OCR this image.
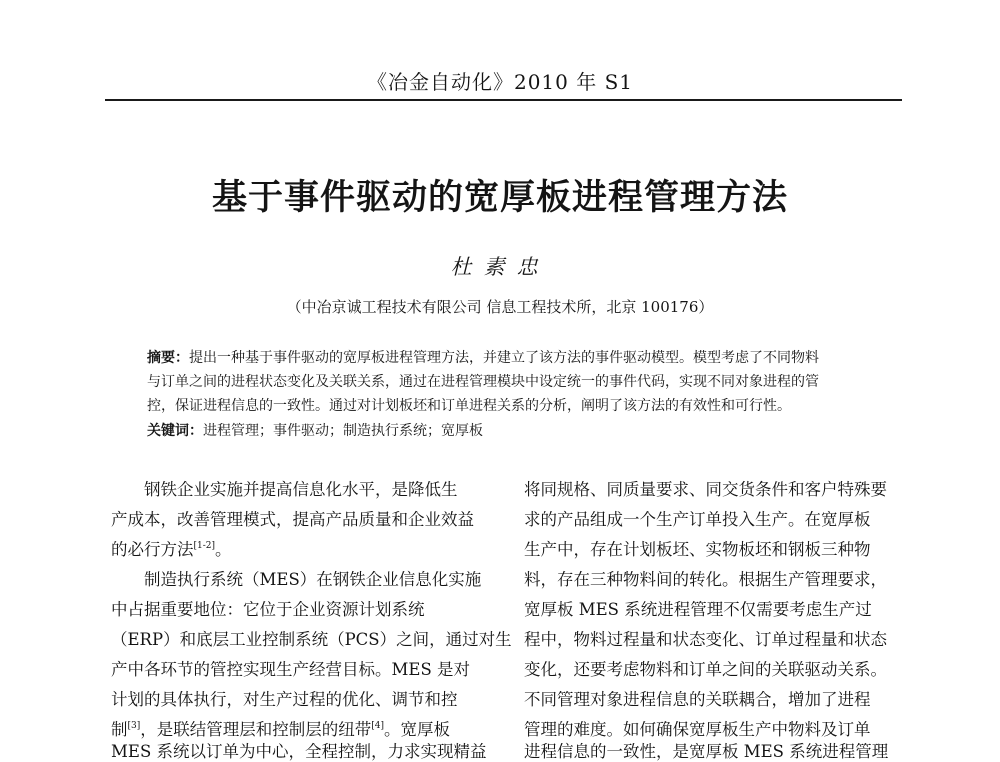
《冶金自动化》2010 年 S1
基于事件驱动的宽厚板进程管理方法
杜素忠
（中冶京诚工程技术有限公司 信息工程技术所，北京 100176）
摘要：提出一种基于事件驱动的宽厚板进程管理方法，并建立了该方法的事件驱动模型。模型考虑了不同物料
与订单之间的进程状态变化及关联关系，通过在进程管理模块中设定统一的事件代码，实现不同对象进程的管
控，保证进程信息的一致性。通过对计划板坯和订单进程关系的分析，阐明了该方法的有效性和可行性。
关键词：进程管理；事件驱动；制造执行系统；宽厚板
　　钢铁企业实施并提高信息化水平，是降低生
产成本，改善管理模式，提高产品质量和企业效益
的必行方法[1-2]。
　　制造执行系统（MES）在钢铁企业信息化实施
中占据重要地位：它位于企业资源计划系统
（ERP）和底层工业控制系统（PCS）之间，通过对生
产中各环节的管控实现生产经营目标。MES 是对
计划的具体执行，对生产过程的优化、调节和控
制[3]，是联结管理层和控制层的纽带[4]。宽厚板
MES 系统以订单为中心，全程控制，力求实现精益
将同规格、同质量要求、同交货条件和客户特殊要
求的产品组成一个生产订单投入生产。在宽厚板
生产中，存在计划板坯、实物板坯和钢板三种物
料，存在三种物料间的转化。根据生产管理要求，
宽厚板 MES 系统进程管理不仅需要考虑生产过
程中，物料过程量和状态变化、订单过程量和状态
变化，还要考虑物料和订单之间的关联驱动关系。
不同管理对象进程信息的关联耦合，增加了进程
管理的难度。如何确保宽厚板生产中物料及订单
进程信息的一致性，是宽厚板 MES 系统进程管理
